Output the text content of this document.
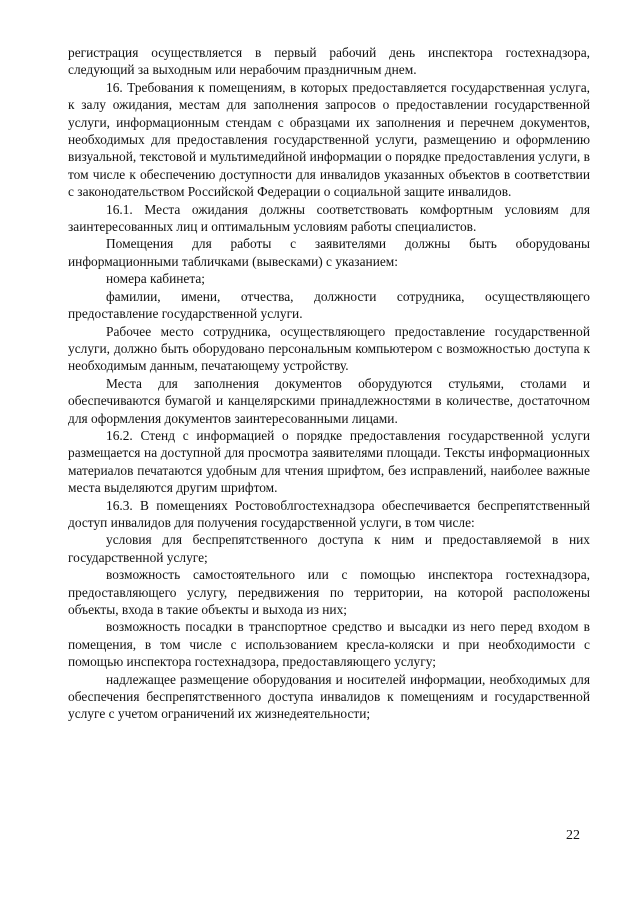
регистрация осуществляется в первый рабочий день инспектора гостехнадзора, следующий за выходным или нерабочим праздничным днем.

16. Требования к помещениям, в которых предоставляется государственная услуга, к залу ожидания, местам для заполнения запросов о предоставлении государственной услуги, информационным стендам с образцами их заполнения и перечнем документов, необходимых для предоставления государственной услуги, размещению и оформлению визуальной, текстовой и мультимедийной информации о порядке предоставления услуги, в том числе к обеспечению доступности для инвалидов указанных объектов в соответствии с законодательством Российской Федерации о социальной защите инвалидов.

16.1. Места ожидания должны соответствовать комфортным условиям для заинтересованных лиц и оптимальным условиям работы специалистов.

Помещения для работы с заявителями должны быть оборудованы информационными табличками (вывесками) с указанием:

номера кабинета;

фамилии, имени, отчества, должности сотрудника, осуществляющего предоставление государственной услуги.

Рабочее место сотрудника, осуществляющего предоставление государственной услуги, должно быть оборудовано персональным компьютером с возможностью доступа к необходимым данным, печатающему устройству.

Места для заполнения документов оборудуются стульями, столами и обеспечиваются бумагой и канцелярскими принадлежностями в количестве, достаточном для оформления документов заинтересованными лицами.

16.2. Стенд с информацией о порядке предоставления государственной услуги размещается на доступной для просмотра заявителями площади. Тексты информационных материалов печатаются удобным для чтения шрифтом, без исправлений, наиболее важные места выделяются другим шрифтом.

16.3. В помещениях Ростовоблгостехнадзора обеспечивается беспрепятственный доступ инвалидов для получения государственной услуги, в том числе:

условия для беспрепятственного доступа к ним и предоставляемой в них государственной услуге;

возможность самостоятельного или с помощью инспектора гостехнадзора, предоставляющего услугу, передвижения по территории, на которой расположены объекты, входа в такие объекты и выхода из них;

возможность посадки в транспортное средство и высадки из него перед входом в помещения, в том числе с использованием кресла-коляски и при необходимости с помощью инспектора гостехнадзора, предоставляющего услугу;

надлежащее размещение оборудования и носителей информации, необходимых для обеспечения беспрепятственного доступа инвалидов к помещениям и государственной услуге с учетом ограничений их жизнедеятельности;

22
